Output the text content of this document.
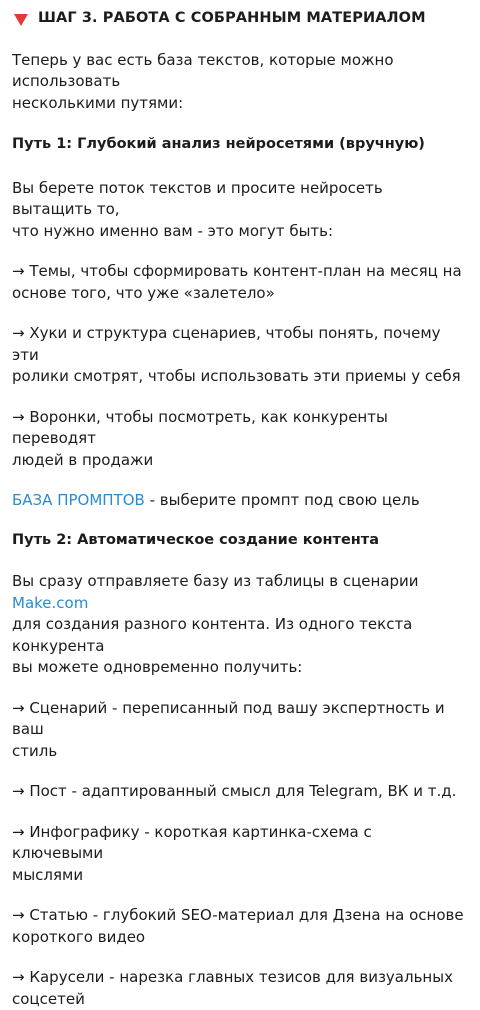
ШАГ 3. РАБОТА С СОБРАННЫМ МАТЕРИАЛОМ

Теперь у вас есть база текстов, которые можно использовать
несколькими путями:

Путь 1: Глубокий анализ нейросетями (вручную)

Вы берете поток текстов и просите нейросеть вытащить то,
что нужно именно вам - это могут быть:

→ Темы, чтобы сформировать контент-план на месяц на
основе того, что уже «залетело»

→ Хуки и структура сценариев, чтобы понять, почему эти
ролики смотрят, чтобы использовать эти приемы у себя

→ Воронки, чтобы посмотреть, как конкуренты переводят
людей в продажи

БАЗА ПРОМПТОВ - выберите промпт под свою цель

Путь 2: Автоматическое создание контента

Вы сразу отправляете базу из таблицы в сценарии Make.com
для создания разного контента. Из одного текста конкурента
вы можете одновременно получить:

→ Сценарий - переписанный под вашу экспертность и ваш
стиль

→ Пост - адаптированный смысл для Telegram, ВК и т.д.

→ Инфографику - короткая картинка-схема с ключевыми
мыслями

→ Статью - глубокий SEO-материал для Дзена на основе
короткого видео

→ Карусели - нарезка главных тезисов для визуальных
соцсетей
